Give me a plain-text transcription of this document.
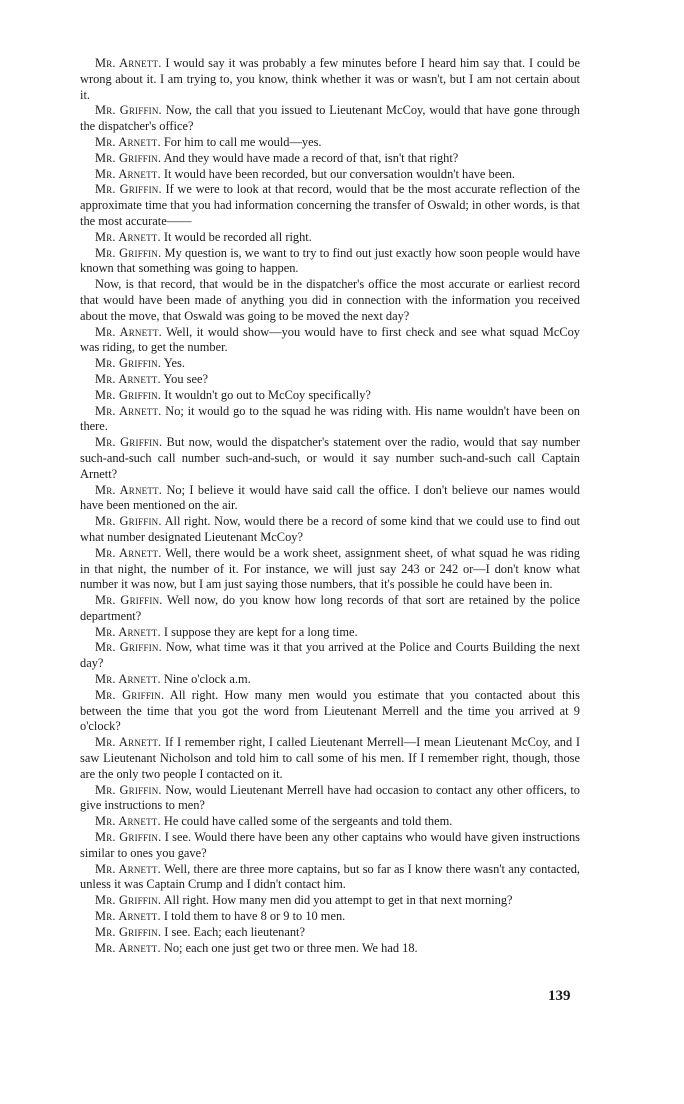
Mr. Arnett. I would say it was probably a few minutes before I heard him say that. I could be wrong about it. I am trying to, you know, think whether it was or wasn't, but I am not certain about it.

Mr. Griffin. Now, the call that you issued to Lieutenant McCoy, would that have gone through the dispatcher's office?

Mr. Arnett. For him to call me would—yes.

Mr. Griffin. And they would have made a record of that, isn't that right?

Mr. Arnett. It would have been recorded, but our conversation wouldn't have been.

Mr. Griffin. If we were to look at that record, would that be the most accurate reflection of the approximate time that you had information concerning the transfer of Oswald; in other words, is that the most accurate——

Mr. Arnett. It would be recorded all right.

Mr. Griffin. My question is, we want to try to find out just exactly how soon people would have known that something was going to happen.

Now, is that record, that would be in the dispatcher's office the most accurate or earliest record that would have been made of anything you did in connection with the information you received about the move, that Oswald was going to be moved the next day?

Mr. Arnett. Well, it would show—you would have to first check and see what squad McCoy was riding, to get the number.

Mr. Griffin. Yes.

Mr. Arnett. You see?

Mr. Griffin. It wouldn't go out to McCoy specifically?

Mr. Arnett. No; it would go to the squad he was riding with. His name wouldn't have been on there.

Mr. Griffin. But now, would the dispatcher's statement over the radio, would that say number such-and-such call number such-and-such, or would it say number such-and-such call Captain Arnett?

Mr. Arnett. No; I believe it would have said call the office. I don't believe our names would have been mentioned on the air.

Mr. Griffin. All right. Now, would there be a record of some kind that we could use to find out what number designated Lieutenant McCoy?

Mr. Arnett. Well, there would be a work sheet, assignment sheet, of what squad he was riding in that night, the number of it. For instance, we will just say 243 or 242 or—I don't know what number it was now, but I am just saying those numbers, that it's possible he could have been in.

Mr. Griffin. Well now, do you know how long records of that sort are retained by the police department?

Mr. Arnett. I suppose they are kept for a long time.

Mr. Griffin. Now, what time was it that you arrived at the Police and Courts Building the next day?

Mr. Arnett. Nine o'clock a.m.

Mr. Griffin. All right. How many men would you estimate that you contacted about this between the time that you got the word from Lieutenant Merrell and the time you arrived at 9 o'clock?

Mr. Arnett. If I remember right, I called Lieutenant Merrell—I mean Lieutenant McCoy, and I saw Lieutenant Nicholson and told him to call some of his men. If I remember right, though, those are the only two people I contacted on it.

Mr. Griffin. Now, would Lieutenant Merrell have had occasion to contact any other officers, to give instructions to men?

Mr. Arnett. He could have called some of the sergeants and told them.

Mr. Griffin. I see. Would there have been any other captains who would have given instructions similar to ones you gave?

Mr. Arnett. Well, there are three more captains, but so far as I know there wasn't any contacted, unless it was Captain Crump and I didn't contact him.

Mr. Griffin. All right. How many men did you attempt to get in that next morning?

Mr. Arnett. I told them to have 8 or 9 to 10 men.

Mr. Griffin. I see. Each; each lieutenant?

Mr. Arnett. No; each one just get two or three men. We had 18.

139
